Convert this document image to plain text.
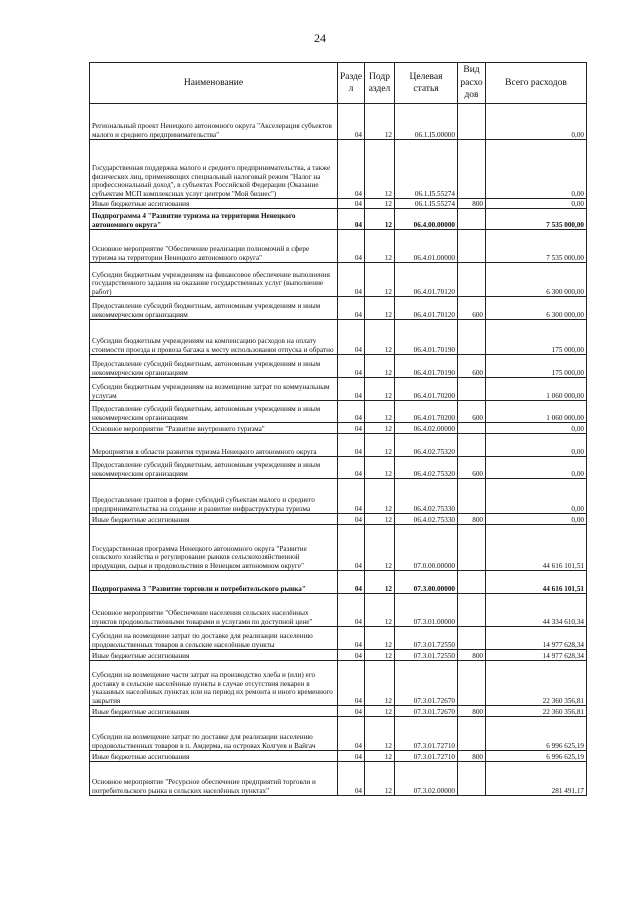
24
Наименование	Разде л	Подр аздел	Целевая статья	Вид расхо дов	Всего расходов
Региональный проект Ненецкого автономного округа "Акселерация субъектов малого и среднего предпринимательства"	04	12	06.1.I5.00000		0,00
Государственная поддержка малого и среднего предпринимательства, а также физических лиц, применяющих специальный налоговый режим "Налог на профессиональный доход", в субъектах Российской Федерации (Оказание субъектам МСП комплексных услуг центром "Мой бизнес")	04	12	06.1.I5.55274		0,00
Иные бюджетные ассигнования	04	12	06.1.I5.55274	800	0,00
Подпрограмма 4 "Развитие туризма на территории Ненецкого автономного округа"	04	12	06.4.00.00000		7 535 000,00
Основное мероприятие "Обеспечение реализации полномочий в сфере туризма на территории Ненецкого автономного округа"	04	12	06.4.01.00000		7 535 000,00
Субсидии бюджетным учреждениям на финансовое обеспечение выполнения государственного задания на оказание государственных услуг (выполнение работ)	04	12	06.4.01.70120		6 300 000,00
Предоставление субсидий бюджетным, автономным учреждениям и иным некоммерческим организациям	04	12	06.4.01.70120	600	6 300 000,00
Субсидии бюджетным учреждениям на компенсацию расходов на оплату стоимости проезда и провоза багажа к месту использования отпуска и обратно	04	12	06.4.01.70190		175 000,00
Предоставление субсидий бюджетным, автономным учреждениям и иным некоммерческим организациям	04	12	06.4.01.70190	600	175 000,00
Субсидии бюджетным учреждениям на возмещение затрат по коммунальным услугам	04	12	06.4.01.70200		1 060 000,00
Предоставление субсидий бюджетным, автономным учреждениям и иным некоммерческим организациям	04	12	06.4.01.70200	600	1 060 000,00
Основное мероприятие "Развитие внутреннего туризма"	04	12	06.4.02.00000		0,00
Мероприятия в области развития туризма Ненецкого автономного округа	04	12	06.4.02.75320		0,00
Предоставление субсидий бюджетным, автономным учреждениям и иным некоммерческим организациям	04	12	06.4.02.75320	600	0,00
Предоставление грантов в форме субсидий субъектам малого и среднего предпринимательства на создание и развитие инфраструктуры туризма	04	12	06.4.02.75330		0,00
Иные бюджетные ассигнования	04	12	06.4.02.75330	800	0,00
Государственная программа Ненецкого автономного округа "Развитие сельского хозяйства и регулирование рынков сельскохозяйственной продукции, сырья и продовольствия в Ненецком автономном округе"	04	12	07.0.00.00000		44 616 101,51
Подпрограмма 3 "Развитие торговли и потребительского рынка"	04	12	07.3.00.00000		44 616 101,51
Основное мероприятие "Обеспечение населения сельских населённых пунктов продовольственными товарами и услугами по доступной цене"	04	12	07.3.01.00000		44 334 610,34
Субсидии на возмещение затрат по доставке для реализации населению продовольственных товаров в сельские населённые пункты	04	12	07.3.01.72550		14 977 628,34
Иные бюджетные ассигнования	04	12	07.3.01.72550	800	14 977 628,34
Субсидии на возмещение части затрат на производство хлеба и (или) его доставку в сельские населённые пункты в случае отсутствия пекарен в указанных населённых пунктах или на период их ремонта и иного временного закрытия	04	12	07.3.01.72670		22 360 356,81
Иные бюджетные ассигнования	04	12	07.3.01.72670	800	22 360 356,81
Субсидии на возмещение затрат по доставке для реализации населению продовольственных товаров в п. Амдерма, на островах Колгуев и Вайгач	04	12	07.3.01.72710		6 996 625,19
Иные бюджетные ассигнования	04	12	07.3.01.72710	800	6 996 625,19
Основное мероприятие "Ресурсное обеспечение предприятий торговли и потребительского рынка в сельских населённых пунктах"	04	12	07.3.02.00000		281 491,17
